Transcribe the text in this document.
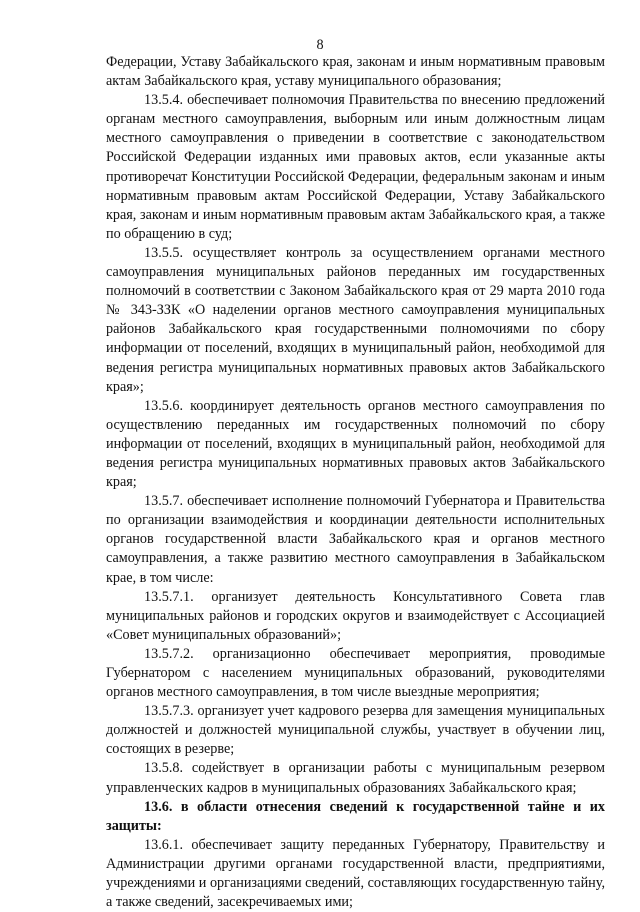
8

Федерации, Уставу Забайкальского края, законам и иным нормативным правовым актам Забайкальского края, уставу муниципального образования;

13.5.4. обеспечивает полномочия Правительства по внесению предложений органам местного самоуправления, выборным или иным должностным лицам местного самоуправления о приведении в соответствие с законодательством Российской Федерации изданных ими правовых актов, если указанные акты противоречат Конституции Российской Федерации, федеральным законам и иным нормативным правовым актам Российской Федерации, Уставу Забайкальского края, законам и иным нормативным правовым актам Забайкальского края, а также по обращению в суд;

13.5.5. осуществляет контроль за осуществлением органами местного самоуправления муниципальных районов переданных им государственных полномочий в соответствии с Законом Забайкальского края от 29 марта 2010 года № 343-ЗЗК «О наделении органов местного самоуправления муниципальных районов Забайкальского края государственными полномочиями по сбору информации от поселений, входящих в муниципальный район, необходимой для ведения регистра муниципальных нормативных правовых актов Забайкальского края»;

13.5.6. координирует деятельность органов местного самоуправления по осуществлению переданных им государственных полномочий по сбору информации от поселений, входящих в муниципальный район, необходимой для ведения регистра муниципальных нормативных правовых актов Забайкальского края;

13.5.7. обеспечивает исполнение полномочий Губернатора и Правительства по организации взаимодействия и координации деятельности исполнительных органов государственной власти Забайкальского края и органов местного самоуправления, а также развитию местного самоуправления в Забайкальском крае, в том числе:

13.5.7.1. организует деятельность Консультативного Совета глав муниципальных районов и городских округов и взаимодействует с Ассоциацией «Совет муниципальных образований»;

13.5.7.2. организационно обеспечивает мероприятия, проводимые Губернатором с населением муниципальных образований, руководителями органов местного самоуправления, в том числе выездные мероприятия;

13.5.7.3. организует учет кадрового резерва для замещения муниципальных должностей и должностей муниципальной службы, участвует в обучении лиц, состоящих в резерве;

13.5.8. содействует в организации работы с муниципальным резервом управленческих кадров в муниципальных образованиях Забайкальского края;

13.6. в области отнесения сведений к государственной тайне и их защиты:

13.6.1. обеспечивает защиту переданных Губернатору, Правительству и Администрации другими органами государственной власти, предприятиями, учреждениями и организациями сведений, составляющих государственную тайну, а также сведений, засекречиваемых ими;
